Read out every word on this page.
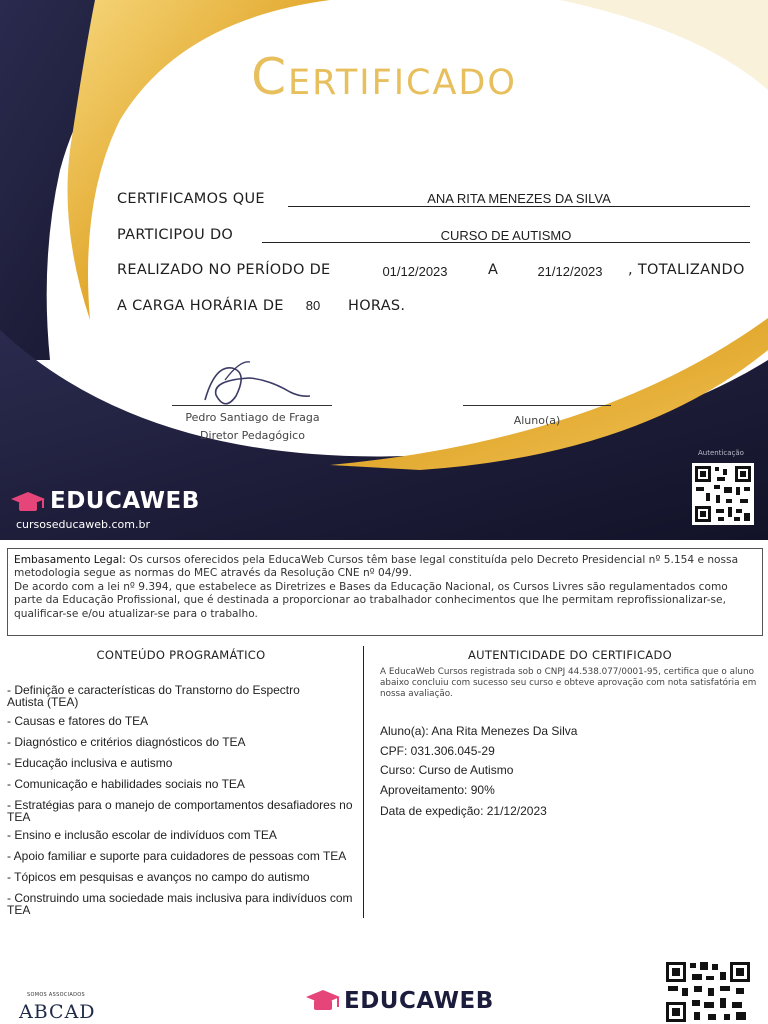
Certificado
CERTIFICAMOS QUE	ANA RITA MENEZES DA SILVA
PARTICIPOU DO	CURSO DE AUTISMO
REALIZADO NO PERÍODO DE	01/12/2023	A	21/12/2023	, TOTALIZANDO
A CARGA HORÁRIA DE	80	HORAS.
Pedro Santiago de Fraga
Diretor Pedagógico
Aluno(a)
EDUCAWEB
cursoseducaweb.com.br
Autenticação
Embasamento Legal: Os cursos oferecidos pela EducaWeb Cursos têm base legal constituída pelo Decreto Presidencial nº 5.154 e nossa metodologia segue as normas do MEC através da Resolução CNE nº 04/99.
De acordo com a lei nº 9.394, que estabelece as Diretrizes e Bases da Educação Nacional, os Cursos Livres são regulamentados como parte da Educação Profissional, que é destinada a proporcionar ao trabalhador conhecimentos que lhe permitam reprofissionalizar-se, qualificar-se e/ou atualizar-se para o trabalho.
CONTEÚDO PROGRAMÁTICO
- Definição e características do Transtorno do Espectro Autista (TEA)
- Causas e fatores do TEA
- Diagnóstico e critérios diagnósticos do TEA
- Educação inclusiva e autismo
- Comunicação e habilidades sociais no TEA
- Estratégias para o manejo de comportamentos desafiadores no TEA
- Ensino e inclusão escolar de indivíduos com TEA
- Apoio familiar e suporte para cuidadores de pessoas com TEA
- Tópicos em pesquisas e avanços no campo do autismo
- Construindo uma sociedade mais inclusiva para indivíduos com TEA
AUTENTICIDADE DO CERTIFICADO
A EducaWeb Cursos registrada sob o CNPJ 44.538.077/0001-95, certifica que o aluno abaixo concluiu com sucesso seu curso e obteve aprovação com nota satisfatória em nossa avaliação.
Aluno(a): Ana Rita Menezes Da Silva
CPF: 031.306.045-29
Curso: Curso de Autismo
Aproveitamento: 90%
Data de expedição: 21/12/2023
SOMOS ASSOCIADOS
ABCAD	EDUCAWEB
